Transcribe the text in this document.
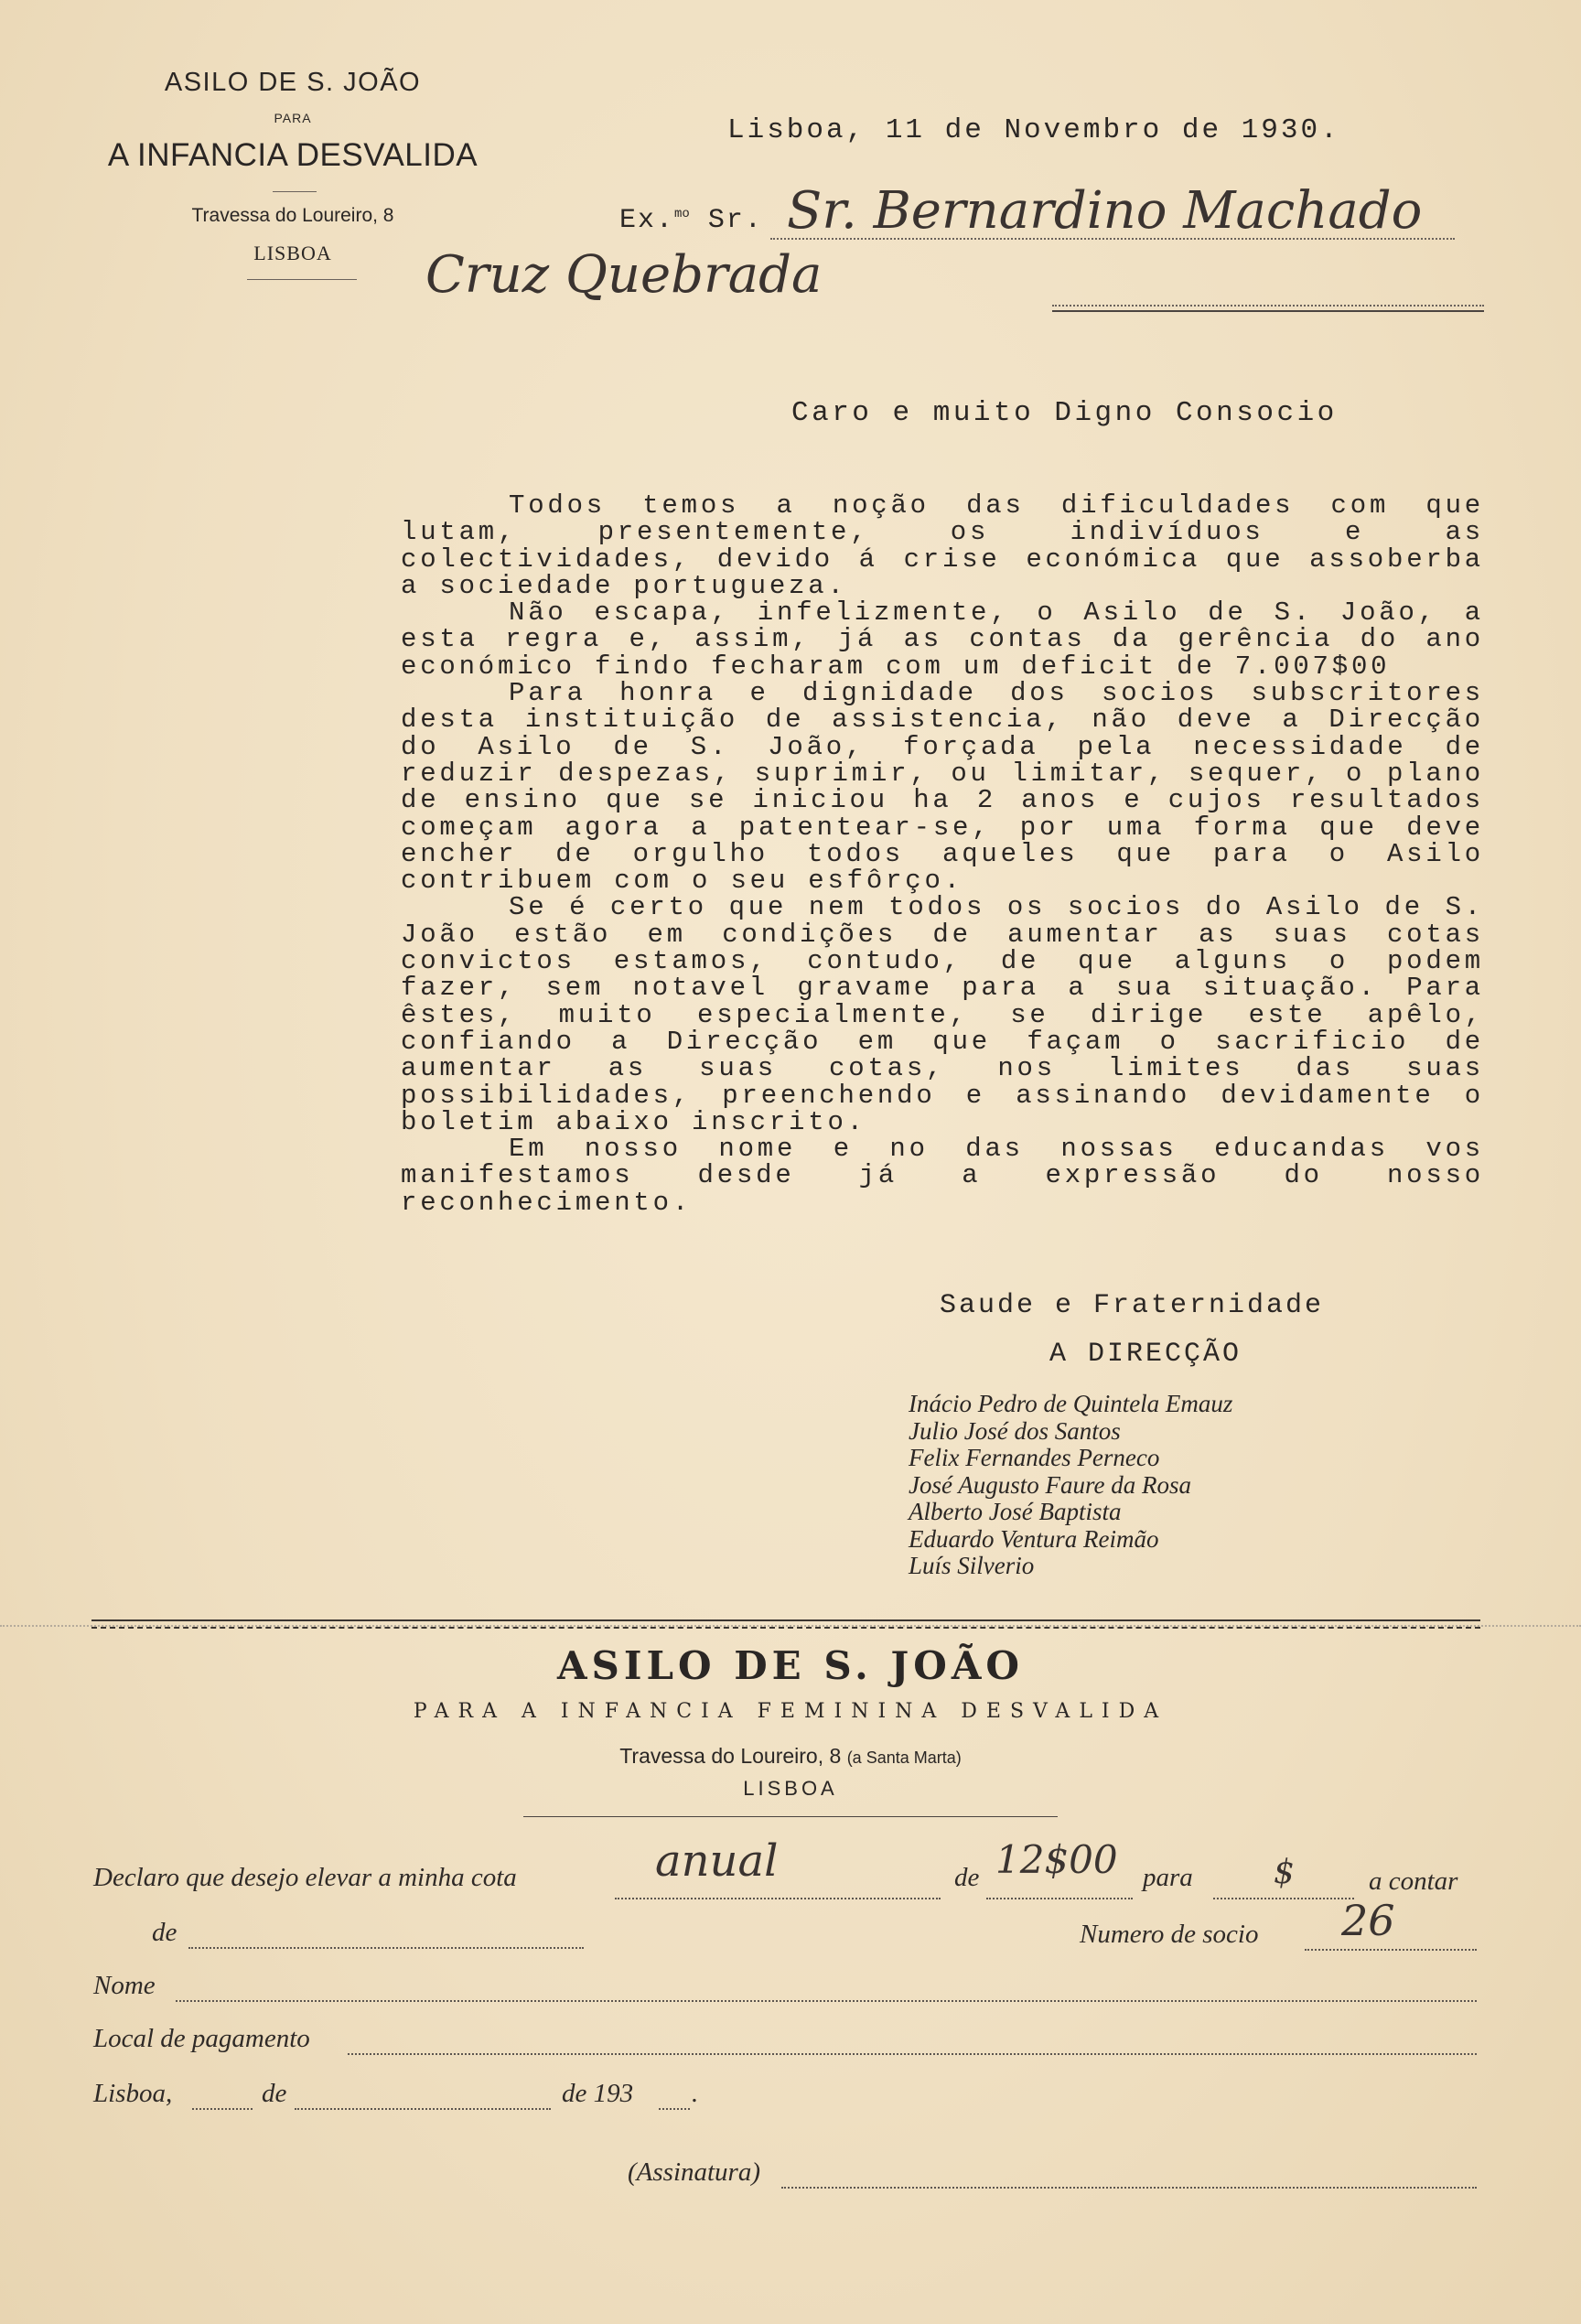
ASILO DE S. JOÃO
PARA
A INFANCIA DESVALIDA
Travessa do Loureiro, 8
LISBOA
Lisboa, 11 de Novembro de 1930.
Ex.$^{mo}$ Sr. Sr. Bernardino Machado
Cruz Quebrada
Caro e muito Digno Consocio

Todos temos a noção das dificuldades com que lutam, presentemente, os indivíduos e as colectividades, devido á crise económica que assoberba a sociedade portugueza.

Não escapa, infelizmente, o Asilo de S. João, a esta regra e, assim, já as contas da gerência do ano económico findo fecharam com um deficit de 7.007$00

Para honra e dignidade dos socios subscritores desta instituição de assistencia, não deve a Direcção do Asilo de S. João, forçada pela necessidade de reduzir despezas, suprimir, ou limitar, sequer, o plano de ensino que se iniciou ha 2 anos e cujos resultados começam agora a patentear-se, por uma forma que deve encher de orgulho todos aqueles que para o Asilo contribuem com o seu esfôrço.

Se é certo que nem todos os socios do Asilo de S. João estão em condições de aumentar as suas cotas convictos estamos, contudo, de que alguns o podem fazer, sem notavel gravame para a sua situação. Para êstes, muito especialmente, se dirige este apêlo, confiando a Direcção em que façam o sacrificio de aumentar as suas cotas, nos limites das suas possibilidades, preenchendo e assinando devidamente o boletim abaixo inscrito.

Em nosso nome e no das nossas educandas vos manifestamos desde já a expressão do nosso reconhecimento.

Saude e Fraternidade
A DIRECÇÃO
Inácio Pedro de Quintela Emauz
Julio José dos Santos
Felix Fernandes Perneco
José Augusto Faure da Rosa
Alberto José Baptista
Eduardo Ventura Reimão
Luís Silverio
ASILO DE S. JOÃO
PARA A INFANCIA FEMININA DESVALIDA
Travessa do Loureiro, 8 (a Santa Marta)
LISBOA
Declaro que desejo elevar a minha cota	anual	de 12$00 para $	a contar
de	Numero de socio 26
Nome
Local de pagamento
Lisboa,	de	de 193 .
(Assinatura)
